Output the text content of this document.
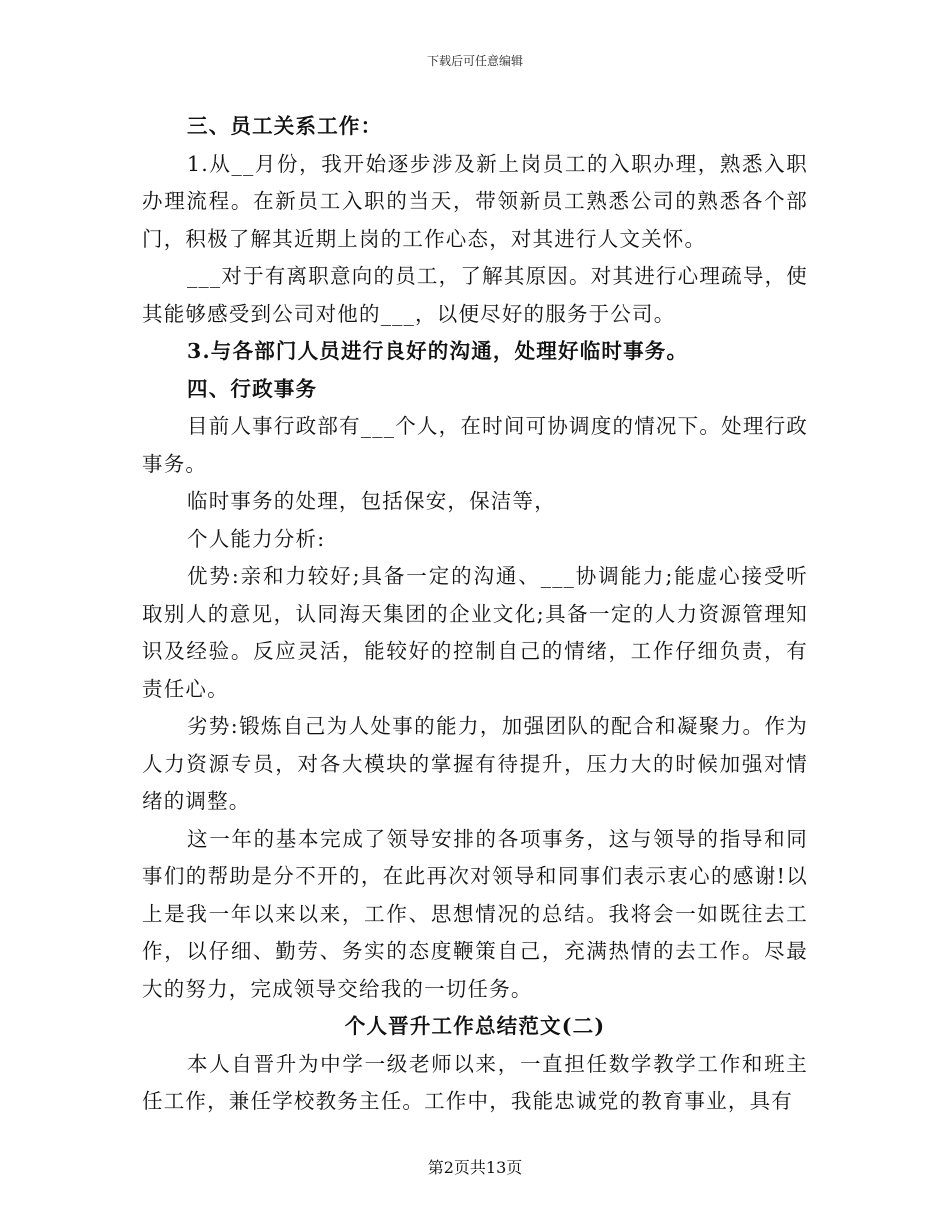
下载后可任意编辑

三、员工关系工作：

1.从__月份，我开始逐步涉及新上岗员工的入职办理，熟悉入职办理流程。在新员工入职的当天，带领新员工熟悉公司的熟悉各个部门，积极了解其近期上岗的工作心态，对其进行人文关怀。

___对于有离职意向的员工，了解其原因。对其进行心理疏导，使其能够感受到公司对他的___，以便尽好的服务于公司。

3.与各部门人员进行良好的沟通，处理好临时事务。

四、行政事务

目前人事行政部有___个人，在时间可协调度的情况下。处理行政事务。

临时事务的处理，包括保安，保洁等，

个人能力分析:

优势:亲和力较好;具备一定的沟通、___协调能力;能虚心接受听取别人的意见，认同海天集团的企业文化;具备一定的人力资源管理知识及经验。反应灵活，能较好的控制自己的情绪，工作仔细负责，有责任心。

劣势:锻炼自己为人处事的能力，加强团队的配合和凝聚力。作为人力资源专员，对各大模块的掌握有待提升，压力大的时候加强对情绪的调整。

这一年的基本完成了领导安排的各项事务，这与领导的指导和同事们的帮助是分不开的，在此再次对领导和同事们表示衷心的感谢!以上是我一年以来以来，工作、思想情况的总结。我将会一如既往去工作，以仔细、勤劳、务实的态度鞭策自己，充满热情的去工作。尽最大的努力，完成领导交给我的一切任务。

个人晋升工作总结范文(二)

本人自晋升为中学一级老师以来，一直担任数学教学工作和班主任工作，兼任学校教务主任。工作中，我能忠诚党的教育事业，具有

第2页共13页
